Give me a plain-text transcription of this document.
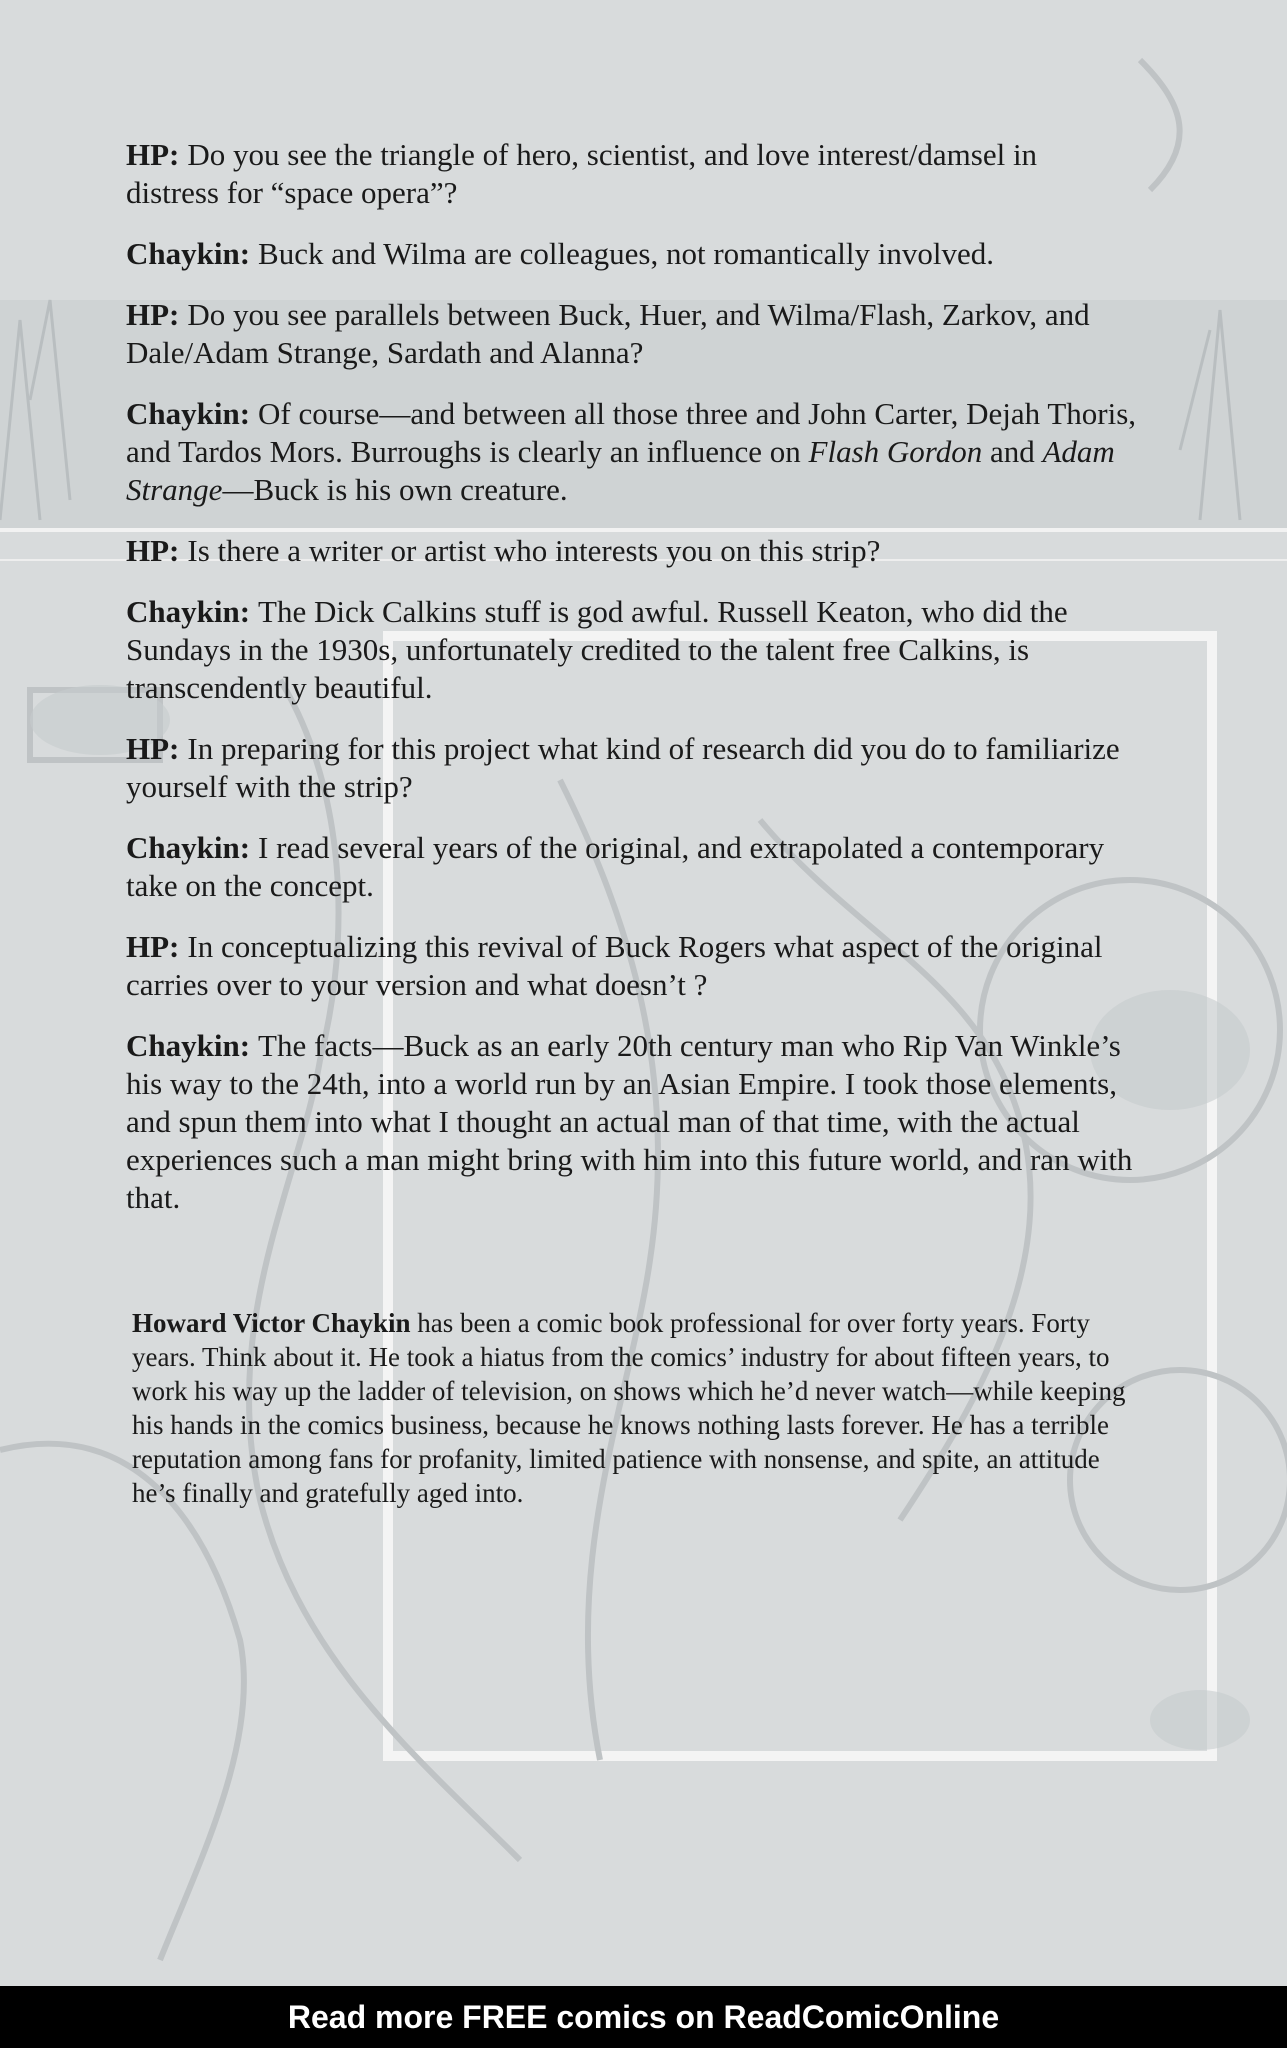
HP: Do you see the triangle of hero, scientist, and love interest/damsel in distress for “space opera”?

Chaykin: Buck and Wilma are colleagues, not romantically involved.

HP: Do you see parallels between Buck, Huer, and Wilma/Flash, Zarkov, and Dale/Adam Strange, Sardath and Alanna?

Chaykin: Of course—and between all those three and John Carter, Dejah Thoris, and Tardos Mors. Burroughs is clearly an influence on Flash Gordon and Adam Strange—Buck is his own creature.

HP: Is there a writer or artist who interests you on this strip?

Chaykin: The Dick Calkins stuff is god awful. Russell Keaton, who did the Sundays in the 1930s, unfortunately credited to the talent free Calkins, is transcendently beautiful.

HP: In preparing for this project what kind of research did you do to familiarize yourself with the strip?

Chaykin: I read several years of the original, and extrapolated a contemporary take on the concept.

HP: In conceptualizing this revival of Buck Rogers what aspect of the original carries over to your version and what doesn’t ?

Chaykin: The facts—Buck as an early 20th century man who Rip Van Winkle’s his way to the 24th, into a world run by an Asian Empire. I took those elements, and spun them into what I thought an actual man of that time, with the actual experiences such a man might bring with him into this future world, and ran with that.

Howard Victor Chaykin has been a comic book professional for over forty years. Forty years. Think about it. He took a hiatus from the comics’ industry for about fifteen years, to work his way up the ladder of television, on shows which he’d never watch—while keeping his hands in the comics business, because he knows nothing lasts forever. He has a terrible reputation among fans for profanity, limited patience with nonsense, and spite, an attitude he’s finally and gratefully aged into.

Read more FREE comics on ReadComicOnline
